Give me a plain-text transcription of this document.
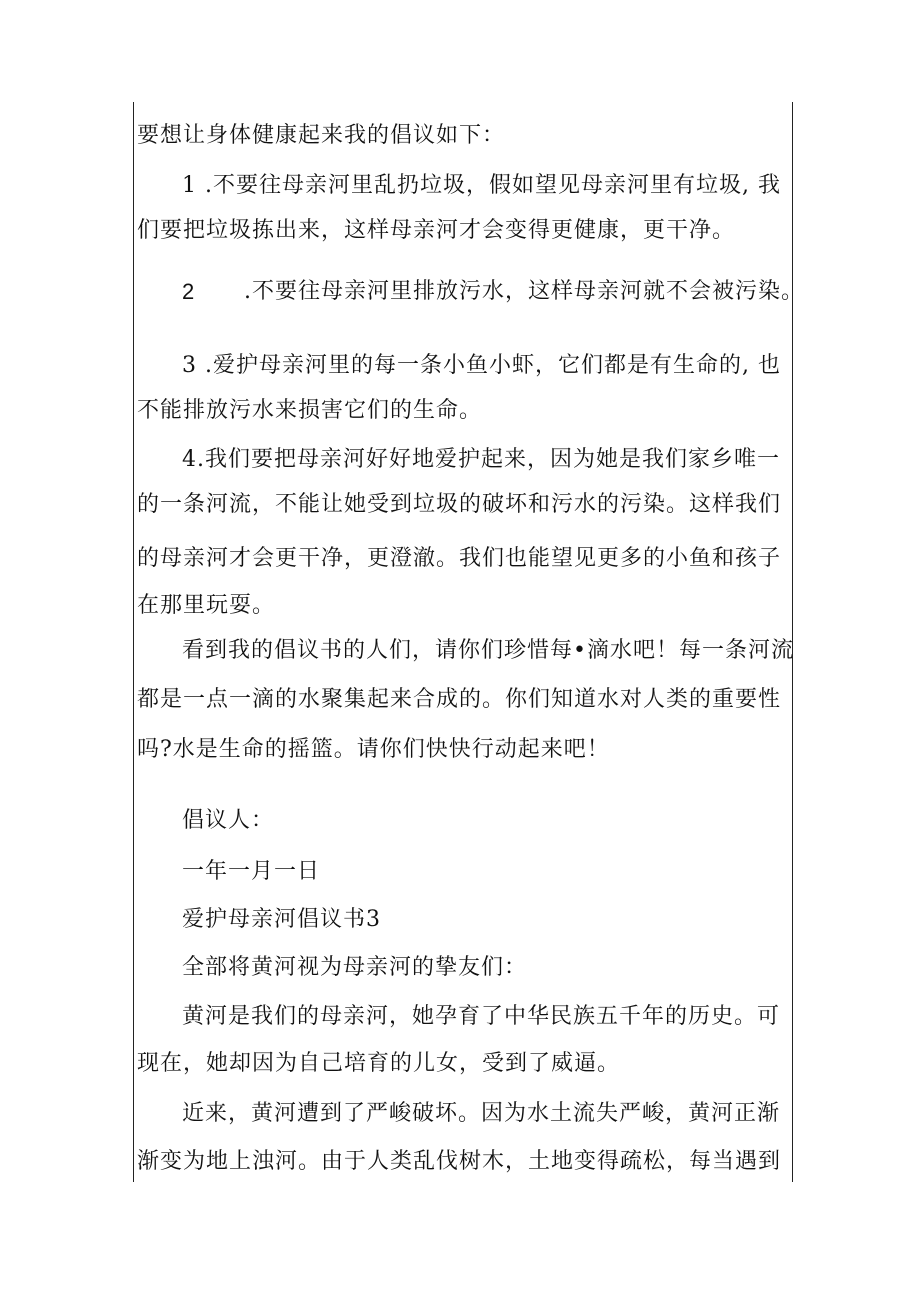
要想让身体健康起来我的倡议如下：
1 .不要往母亲河里乱扔垃圾，假如望见母亲河里有垃圾, 我
们要把垃圾拣出来，这样母亲河才会变得更健康，更干净。
2 .不要往母亲河里排放污水，这样母亲河就不会被污染。
3 .爱护母亲河里的每一条小鱼小虾，它们都是有生命的, 也
不能排放污水来损害它们的生命。
4.我们要把母亲河好好地爱护起来，因为她是我们家乡唯一
的一条河流，不能让她受到垃圾的破坏和污水的污染。这样我们
的母亲河才会更干净，更澄澈。我们也能望见更多的小鱼和孩子
在那里玩耍。
看到我的倡议书的人们，请你们珍惜每•滴水吧！每一条河流
都是一点一滴的水聚集起来合成的。你们知道水对人类的重要性
吗?水是生命的摇篮。请你们快快行动起来吧！
倡议人：
一年一月一日
爱护母亲河倡议书3
全部将黄河视为母亲河的挚友们：
黄河是我们的母亲河，她孕育了中华民族五千年的历史。可
现在，她却因为自己培育的儿女，受到了威逼。
近来，黄河遭到了严峻破坏。因为水土流失严峻，黄河正渐
渐变为地上浊河。由于人类乱伐树木，土地变得疏松，每当遇到
